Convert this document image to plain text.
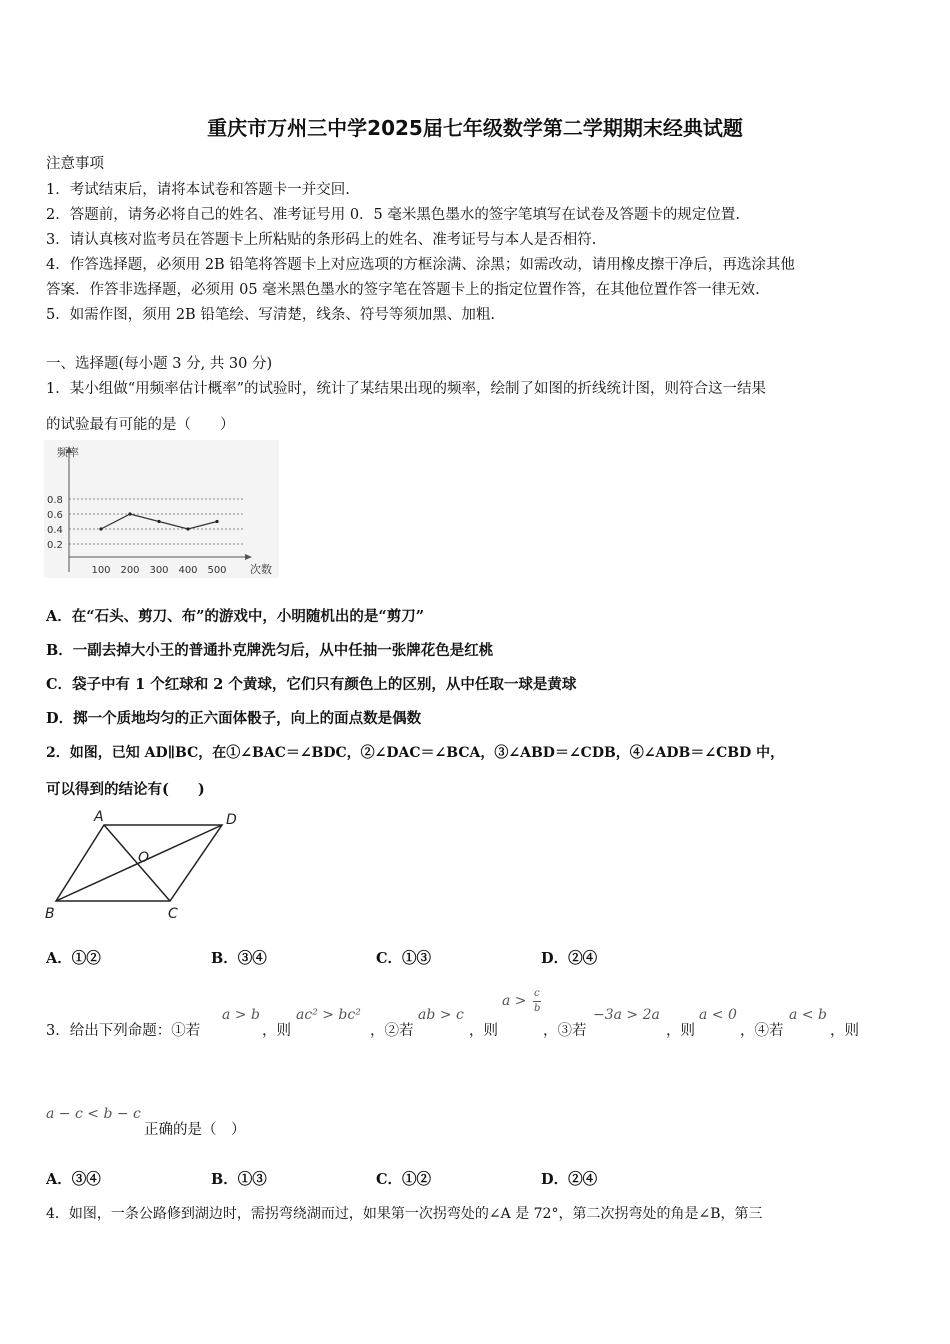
重庆市万州三中学2025届七年级数学第二学期期末经典试题
注意事项
1．考试结束后，请将本试卷和答题卡一并交回.
2．答题前，请务必将自己的姓名、准考证号用 0．5 毫米黑色墨水的签字笔填写在试卷及答题卡的规定位置.
3．请认真核对监考员在答题卡上所粘贴的条形码上的姓名、准考证号与本人是否相符.
4．作答选择题，必须用 2B 铅笔将答题卡上对应选项的方框涂满、涂黑；如需改动，请用橡皮擦干净后，再选涂其他
答案．作答非选择题，必须用 05 毫米黑色墨水的签字笔在答题卡上的指定位置作答，在其他位置作答一律无效.
5．如需作图，须用 2B 铅笔绘、写清楚，线条、符号等须加黑、加粗.
一、选择题(每小题 3 分, 共 30 分)
1．某小组做“用频率估计概率”的试验时，统计了某结果出现的频率，绘制了如图的折线统计图，则符合这一结果
的试验最有可能的是（　　）
频率
次数
0.2
0.4
0.6
0.8
100 200 300 400 500
A．在“石头、剪刀、布”的游戏中，小明随机出的是“剪刀”
B．一副去掉大小王的普通扑克牌洗匀后，从中任抽一张牌花色是红桃
C．袋子中有 1 个红球和 2 个黄球，它们只有颜色上的区别，从中任取一球是黄球
D．掷一个质地均匀的正六面体骰子，向上的面点数是偶数
2．如图，已知 AD∥BC，在①∠BAC＝∠BDC，②∠DAC＝∠BCA，③∠ABD＝∠CDB，④∠ADB＝∠CBD 中，
可以得到的结论有(　　)
A	D
O
B	C
A．①②	B．③④	C．①③	D．②④
3．给出下列命题：①若
a > b
，则
ac² > bc²
，②若
ab > c
，则
a > c
b
，③若
−3a > 2a
，则
a < 0
，④若
a < b
，则
a − c < b − c
正确的是（　）
A．③④	B．①③	C．①②	D．②④
4．如图，一条公路修到湖边时，需拐弯绕湖而过，如果第一次拐弯处的∠A 是 72°，第二次拐弯处的角是∠B，第三
